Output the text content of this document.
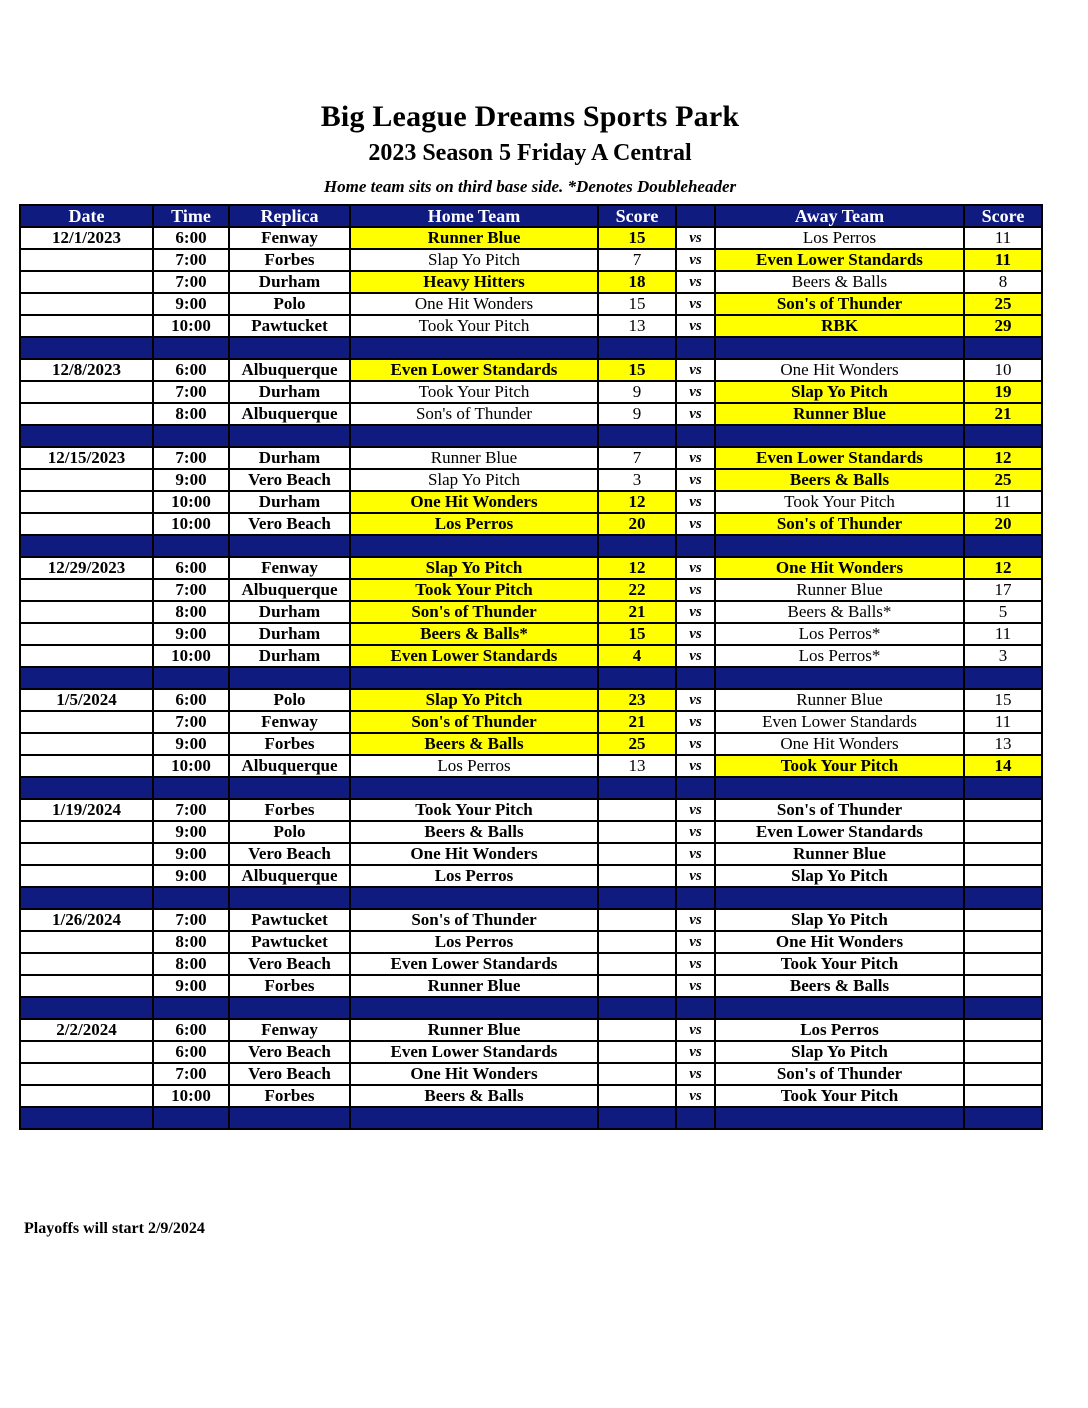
Big League Dreams Sports Park
2023 Season 5 Friday A Central
Home team sits on third base side. *Denotes Doubleheader
Date	Time	Replica	Home Team	Score		Away Team	Score
12/1/2023	6:00	Fenway	Runner Blue	15	vs	Los Perros	11
	7:00	Forbes	Slap Yo Pitch	7	vs	Even Lower Standards	11
	7:00	Durham	Heavy Hitters	18	vs	Beers & Balls	8
	9:00	Polo	One Hit Wonders	15	vs	Son's of Thunder	25
	10:00	Pawtucket	Took Your Pitch	13	vs	RBK	29

12/8/2023	6:00	Albuquerque	Even Lower Standards	15	vs	One Hit Wonders	10
	7:00	Durham	Took Your Pitch	9	vs	Slap Yo Pitch	19
	8:00	Albuquerque	Son's of Thunder	9	vs	Runner Blue	21

12/15/2023	7:00	Durham	Runner Blue	7	vs	Even Lower Standards	12
	9:00	Vero Beach	Slap Yo Pitch	3	vs	Beers & Balls	25
	10:00	Durham	One Hit Wonders	12	vs	Took Your Pitch	11
	10:00	Vero Beach	Los Perros	20	vs	Son's of Thunder	20

12/29/2023	6:00	Fenway	Slap Yo Pitch	12	vs	One Hit Wonders	12
	7:00	Albuquerque	Took Your Pitch	22	vs	Runner Blue	17
	8:00	Durham	Son's of Thunder	21	vs	Beers & Balls*	5
	9:00	Durham	Beers & Balls*	15	vs	Los Perros*	11
	10:00	Durham	Even Lower Standards	4	vs	Los Perros*	3

1/5/2024	6:00	Polo	Slap Yo Pitch	23	vs	Runner Blue	15
	7:00	Fenway	Son's of Thunder	21	vs	Even Lower Standards	11
	9:00	Forbes	Beers & Balls	25	vs	One Hit Wonders	13
	10:00	Albuquerque	Los Perros	13	vs	Took Your Pitch	14

1/19/2024	7:00	Forbes	Took Your Pitch		vs	Son's of Thunder	
	9:00	Polo	Beers & Balls		vs	Even Lower Standards	
	9:00	Vero Beach	One Hit Wonders		vs	Runner Blue	
	9:00	Albuquerque	Los Perros		vs	Slap Yo Pitch	

1/26/2024	7:00	Pawtucket	Son's of Thunder		vs	Slap Yo Pitch	
	8:00	Pawtucket	Los Perros		vs	One Hit Wonders	
	8:00	Vero Beach	Even Lower Standards		vs	Took Your Pitch	
	9:00	Forbes	Runner Blue		vs	Beers & Balls	

2/2/2024	6:00	Fenway	Runner Blue		vs	Los Perros	
	6:00	Vero Beach	Even Lower Standards		vs	Slap Yo Pitch	
	7:00	Vero Beach	One Hit Wonders		vs	Son's of Thunder	
	10:00	Forbes	Beers & Balls		vs	Took Your Pitch	

Playoffs will start 2/9/2024
